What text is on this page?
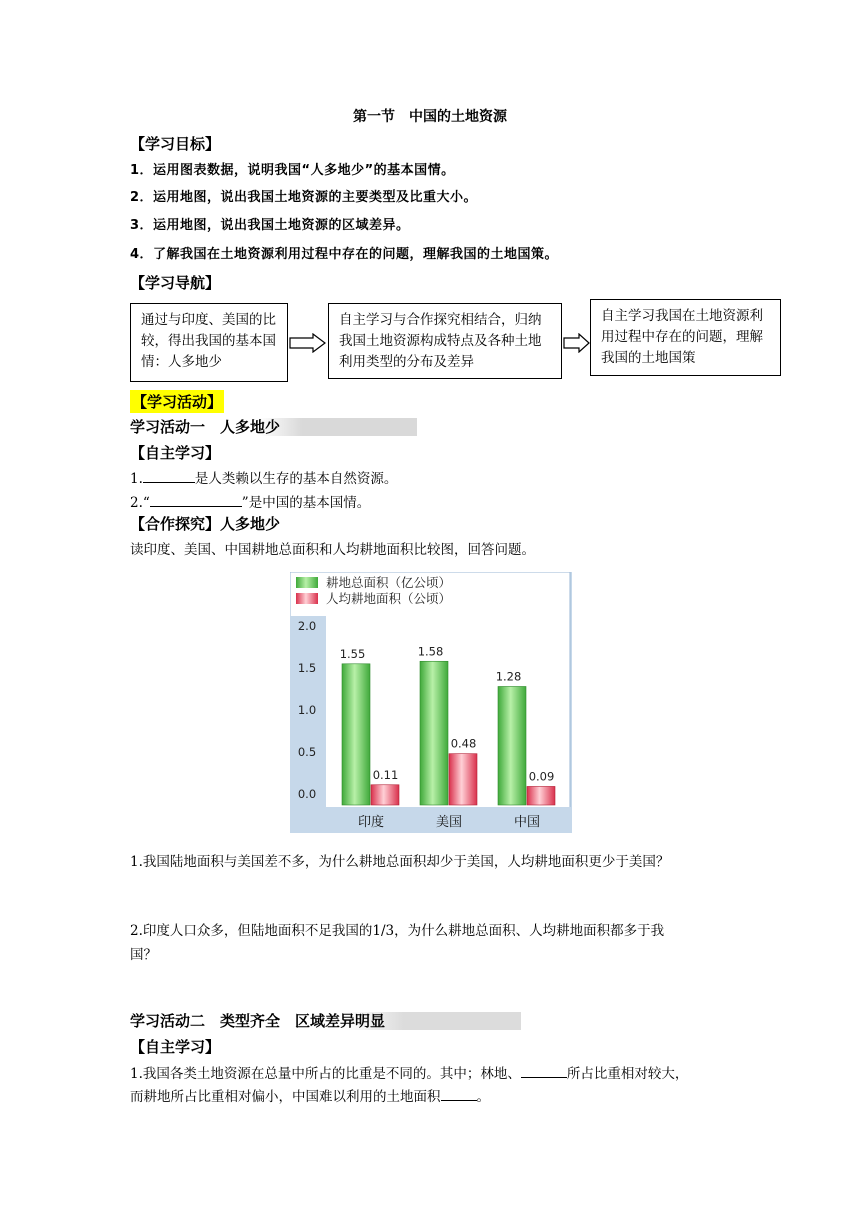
第一节　中国的土地资源
【学习目标】
1．运用图表数据，说明我国“人多地少”的基本国情。
2．运用地图，说出我国土地资源的主要类型及比重大小。
3．运用地图，说出我国土地资源的区域差异。
4．了解我国在土地资源利用过程中存在的问题，理解我国的土地国策。
【学习导航】
通过与印度、美国的比较，得出我国的基本国情：人多地少
自主学习与合作探究相结合，归纳我国土地资源构成特点及各种土地利用类型的分布及差异
自主学习我国在土地资源利用过程中存在的问题，理解我国的土地国策
【学习活动】
学习活动一　人多地少
【自主学习】
1.	是人类赖以生存的基本自然资源。
2.“	”是中国的基本国情。
【合作探究】人多地少
读印度、美国、中国耕地总面积和人均耕地面积比较图，回答问题。
耕地总面积（亿公顷）
人均耕地面积（公顷）
2.0
1.5
1.0
0.5
0.0
1.55
0.11
印度
1.58
0.48
美国
1.28
0.09
中国
1.我国陆地面积与美国差不多，为什么耕地总面积却少于美国，人均耕地面积更少于美国？
2.印度人口众多，但陆地面积不足我国的1/3，为什么耕地总面积、人均耕地面积都多于我
国？
学习活动二　类型齐全　区域差异明显
【自主学习】
1.我国各类土地资源在总量中所占的比重是不同的。其中；林地、	所占比重相对较大，
而耕地所占比重相对偏小，中国难以利用的土地面积	。
